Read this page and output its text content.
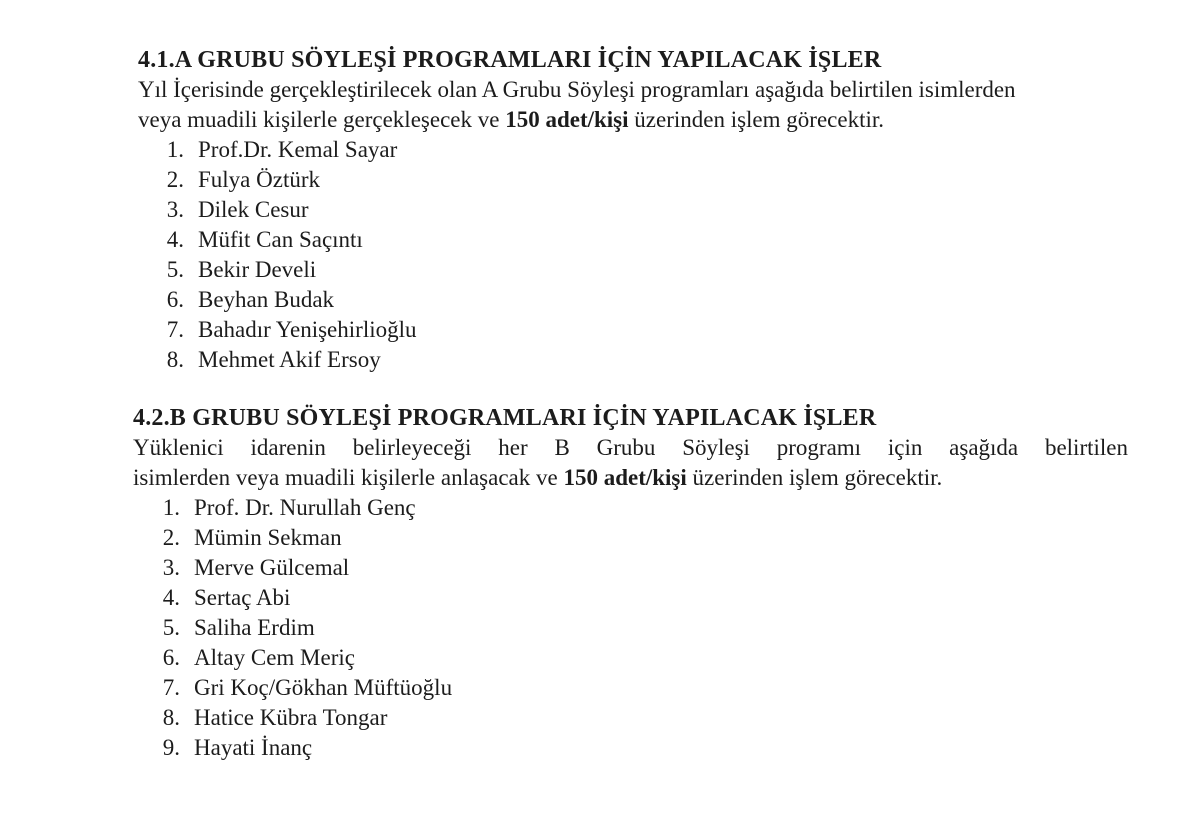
4.1.A GRUBU SÖYLEŞİ PROGRAMLARI İÇİN YAPILACAK İŞLER

Yıl İçerisinde gerçekleştirilecek olan A Grubu Söyleşi programları aşağıda belirtilen isimlerden
veya muadili kişilerle gerçekleşecek ve 150 adet/kişi üzerinden işlem görecektir.

1. Prof.Dr. Kemal Sayar
2. Fulya Öztürk
3. Dilek Cesur
4. Müfit Can Saçıntı
5. Bekir Develi
6. Beyhan Budak
7. Bahadır Yenişehirlioğlu
8. Mehmet Akif Ersoy
4.2.B GRUBU SÖYLEŞİ PROGRAMLARI İÇİN YAPILACAK İŞLER

Yüklenici idarenin belirleyeceği her B Grubu Söyleşi programı için aşağıda belirtilen
isimlerden veya muadili kişilerle anlaşacak ve 150 adet/kişi üzerinden işlem görecektir.

1. Prof. Dr. Nurullah Genç
2. Mümin Sekman
3. Merve Gülcemal
4. Sertaç Abi
5. Saliha Erdim
6. Altay Cem Meriç
7. Gri Koç/Gökhan Müftüoğlu
8. Hatice Kübra Tongar
9. Hayati İnanç
